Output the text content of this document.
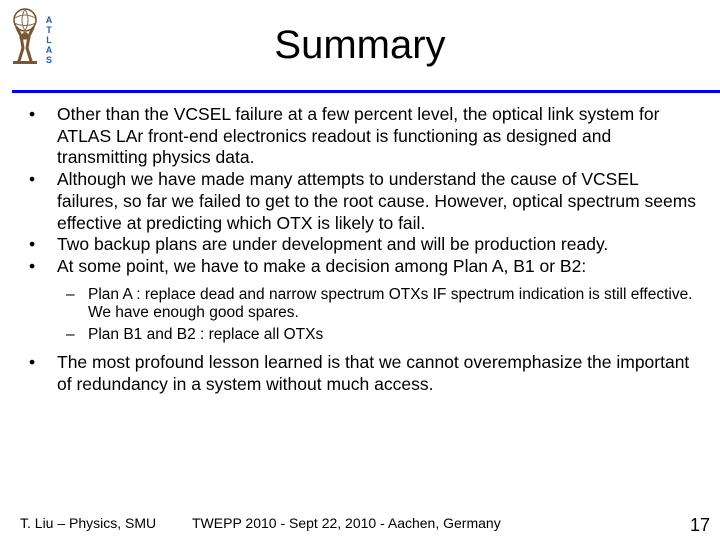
A
T
L
A
S	Summary
• Other than the VCSEL failure at a few percent level, the optical link system for ATLAS LAr front-end electronics readout is functioning as designed and transmitting physics data.
• Although we have made many attempts to understand the cause of VCSEL failures, so far we failed to get to the root cause. However, optical spectrum seems effective at predicting which OTX is likely to fail.
• Two backup plans are under development and will be production ready.
• At some point, we have to make a decision among Plan A, B1 or B2:
– Plan A : replace dead and narrow spectrum OTXs IF spectrum indication is still effective. We have enough good spares.
– Plan B1 and B2 : replace all OTXs
• The most profound lesson learned is that we cannot overemphasize the important of redundancy in a system without much access.
T. Liu – Physics, SMU	TWEPP 2010 - Sept 22, 2010 - Aachen, Germany	17
